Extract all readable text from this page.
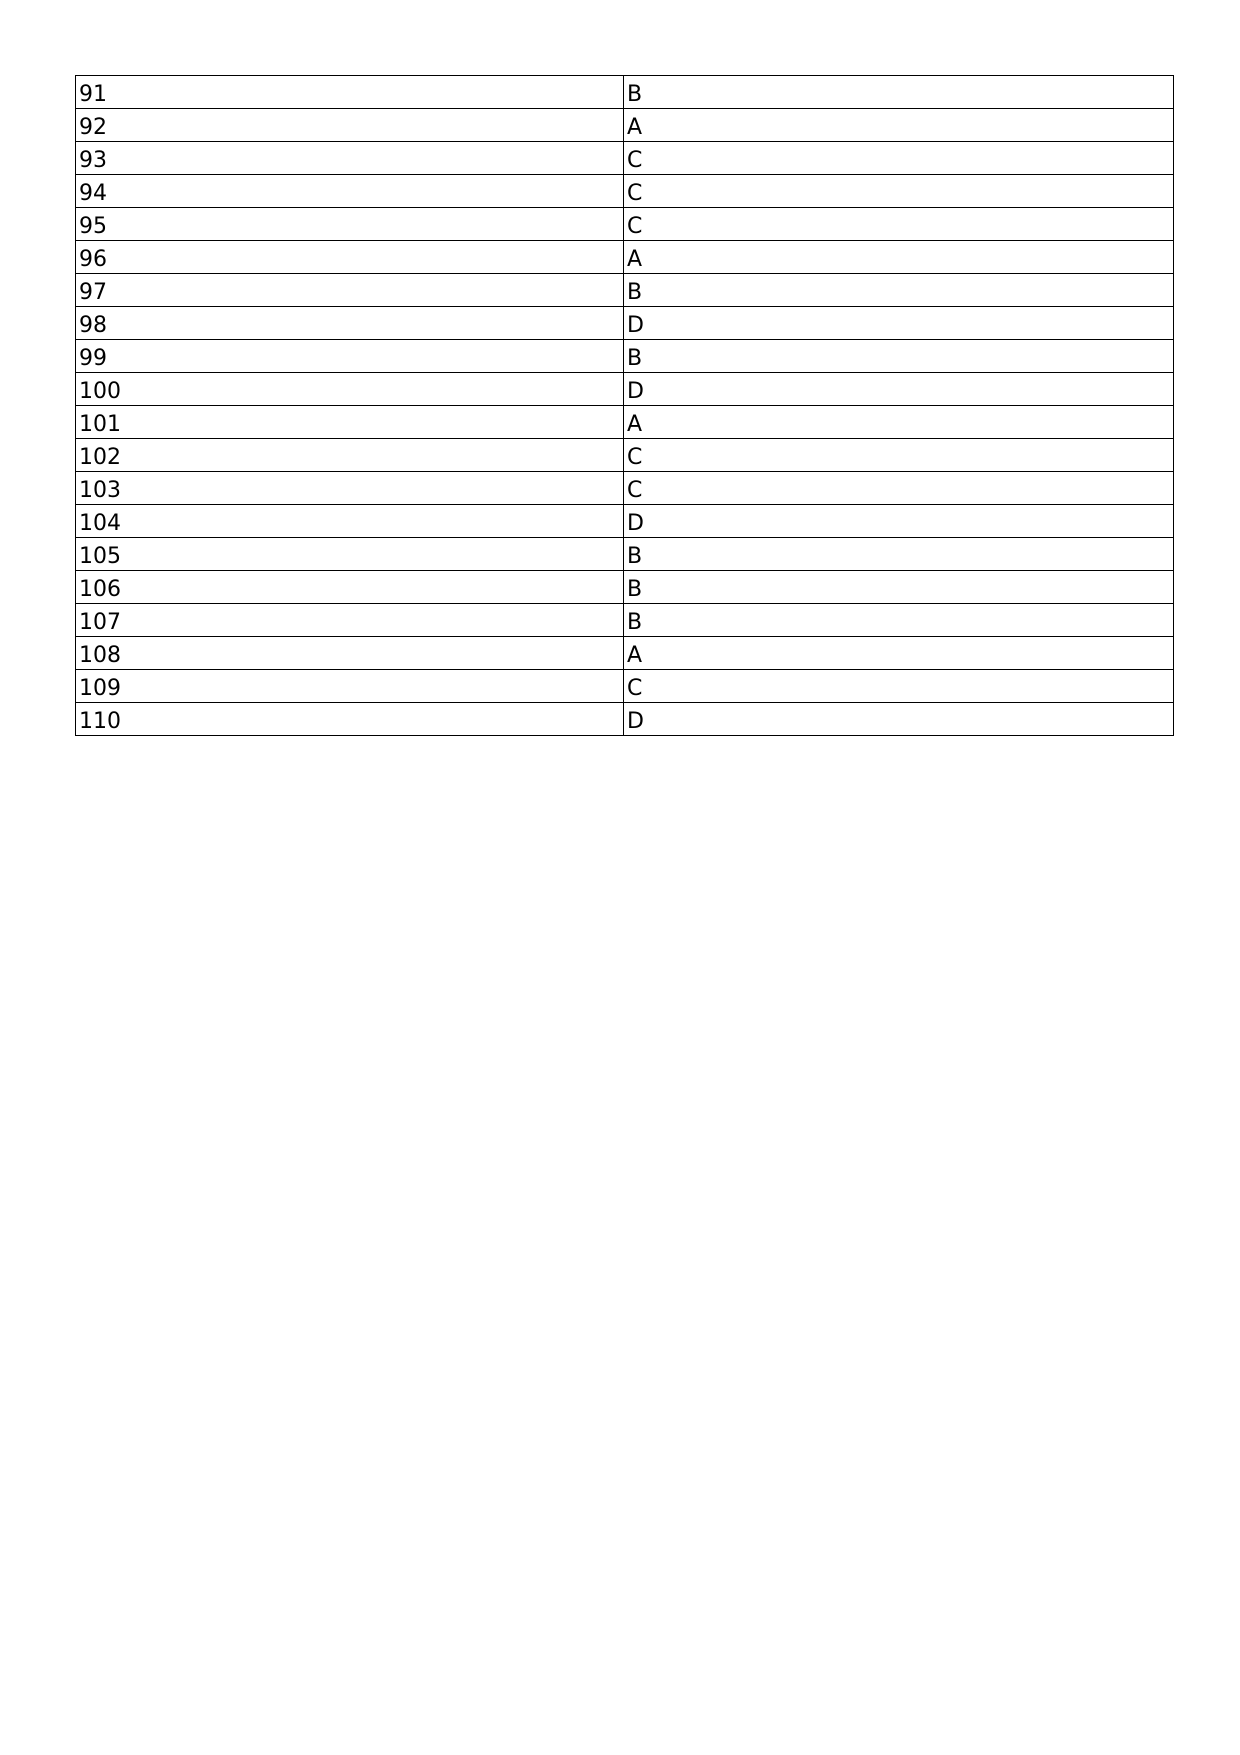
91	B
92	A
93	C
94	C
95	C
96	A
97	B
98	D
99	B
100	D
101	A
102	C
103	C
104	D
105	B
106	B
107	B
108	A
109	C
110	D
